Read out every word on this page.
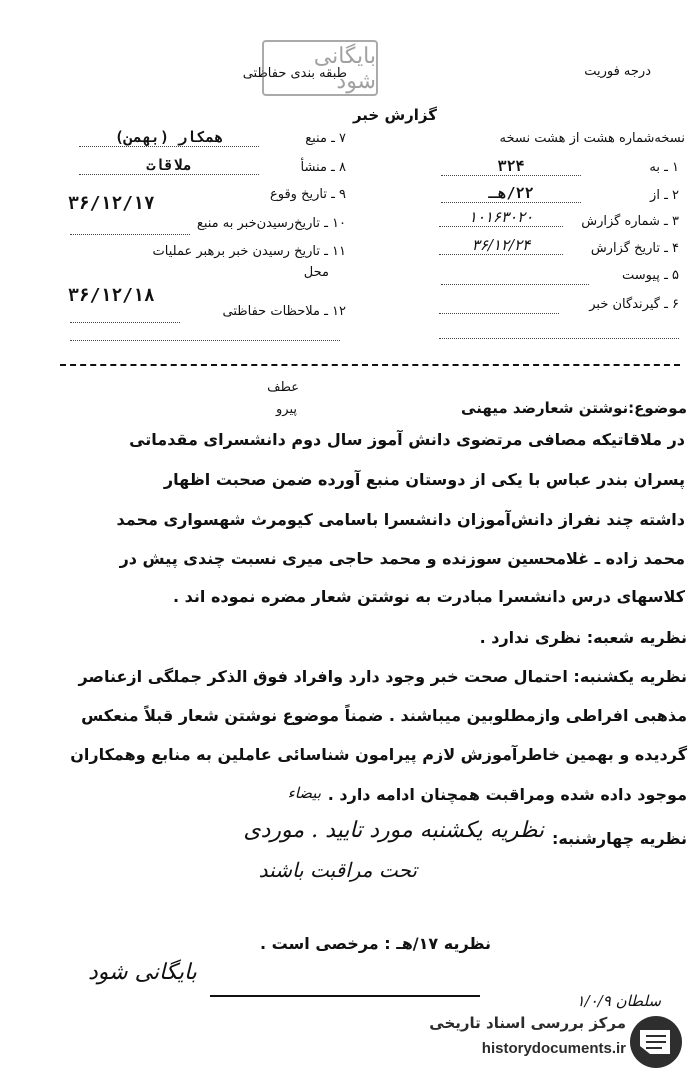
درجه فوریت
طبقه بندی حفاظتی
بایگانی شود
گزارش خبر
نسخه‌شماره هشت از هشت نسخه
۱ ـ به
۳۲۴
۲ ـ از
۲۲/هـ
۳ ـ شماره گزارش
۱۰۱۶۳۰۲۰
۴ ـ تاریخ گزارش
۳۶/۱۲/۲۴
۵ ـ پیوست
۶ ـ گیرندگان خبر
۷ ـ منبع
همکار (بهمن)
۸ ـ منشأ
ملاقات
۹ ـ تاریخ وقوع
۳۶/۱۲/۱۷
۱۰ ـ تاریخ‌رسیدن‌خبر به منبع
۱۱ ـ تاریخ رسیدن خبر برهبر عملیات
محل
۳۶/۱۲/۱۸
۱۲ ـ ملاحظات حفاظتی
عطف
پیرو	موضوع:نوشتن شعارضد میهنی
در ملاقاتیکه مصافی مرتضوی دانش آموز سال دوم دانشسرای مقدماتی
پسران بندر عباس با یکی از دوستان منبع آورده ضمن صحبت اظهار
داشته چند نفراز دانش‌آموزان دانشسرا باسامی کیومرث شهسواری محمد
محمد زاده ـ غلامحسین سوزنده و محمد حاجی میری نسبت چندی پیش در
کلاسهای درس دانشسرا مبادرت به نوشتن شعار مضره نموده اند .
نظریه شعبه: نظری ندارد .
نظریه یکشنبه: احتمال صحت خبر وجود دارد وافراد فوق الذکر جملگی ازعناصر
مذهبی افراطی وازمطلوبین میباشند . ضمناً موضوع نوشتن شعار قبلاً منعکس
گردیده و بهمین خاطرآموزش لازم پیرامون شناسائی عاملین به منابع وهمکاران
موجود داده شده ومراقبت همچنان ادامه دارد .
بیضاء
نظریه چهارشنبه:
نظریه یکشنبه مورد تایید . موردی
تحت مراقبت باشند
نظریه ۱۷/هـ : مرخصی است .
بایگانی شود
سلطان ۱/۰/۹
مرکز بررسی اسناد تاریخی
historydocuments.ir
